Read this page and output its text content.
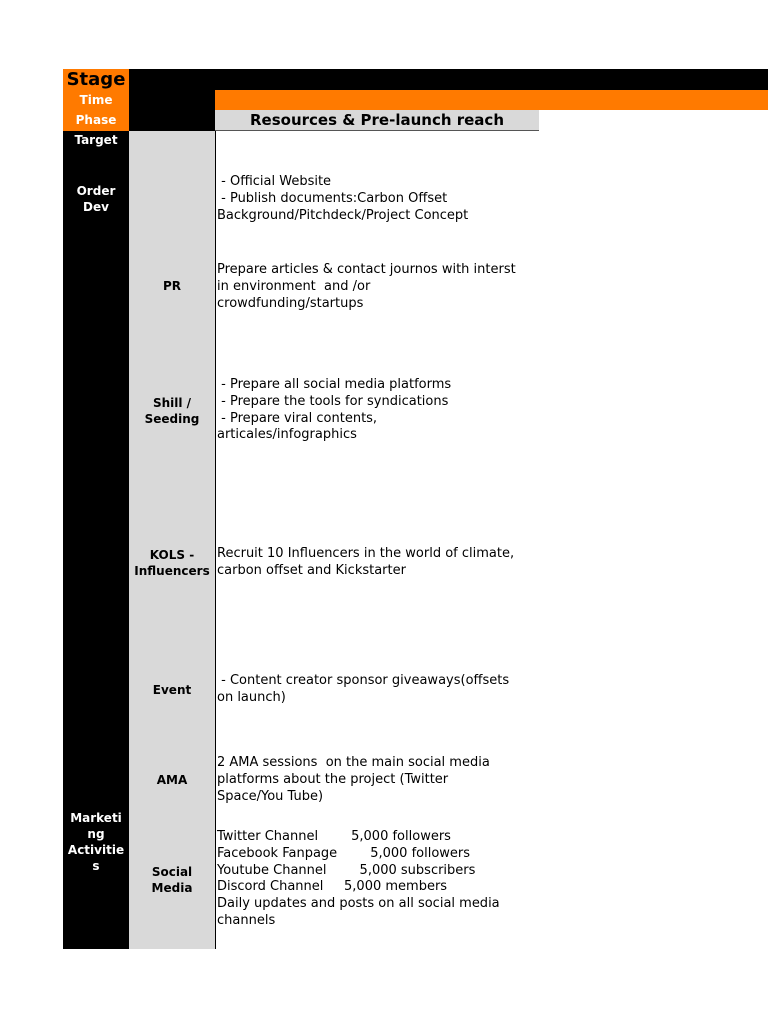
Stage
Time
Phase	Resources & Pre-launch reach
Target
Order
Dev
Marketi
ng
Activitie
s
PR
Shill /
Seeding
KOLS -
Influencers
Event
AMA
Social
Media
- Official Website
- Publish documents:Carbon Offset
Background/Pitchdeck/Project Concept
Prepare articles & contact journos with interst
in environment  and /or
crowdfunding/startups
- Prepare all social media platforms
- Prepare the tools for syndications
- Prepare viral contents,
articales/infographics
Recruit 10 Influencers in the world of climate,
carbon offset and Kickstarter
- Content creator sponsor giveaways(offsets
on launch)
2 AMA sessions  on the main social media
platforms about the project (Twitter
Space/You Tube)
Twitter Channel        5,000 followers
Facebook Fanpage        5,000 followers
Youtube Channel        5,000 subscribers
Discord Channel     5,000 members
Daily updates and posts on all social media
channels
